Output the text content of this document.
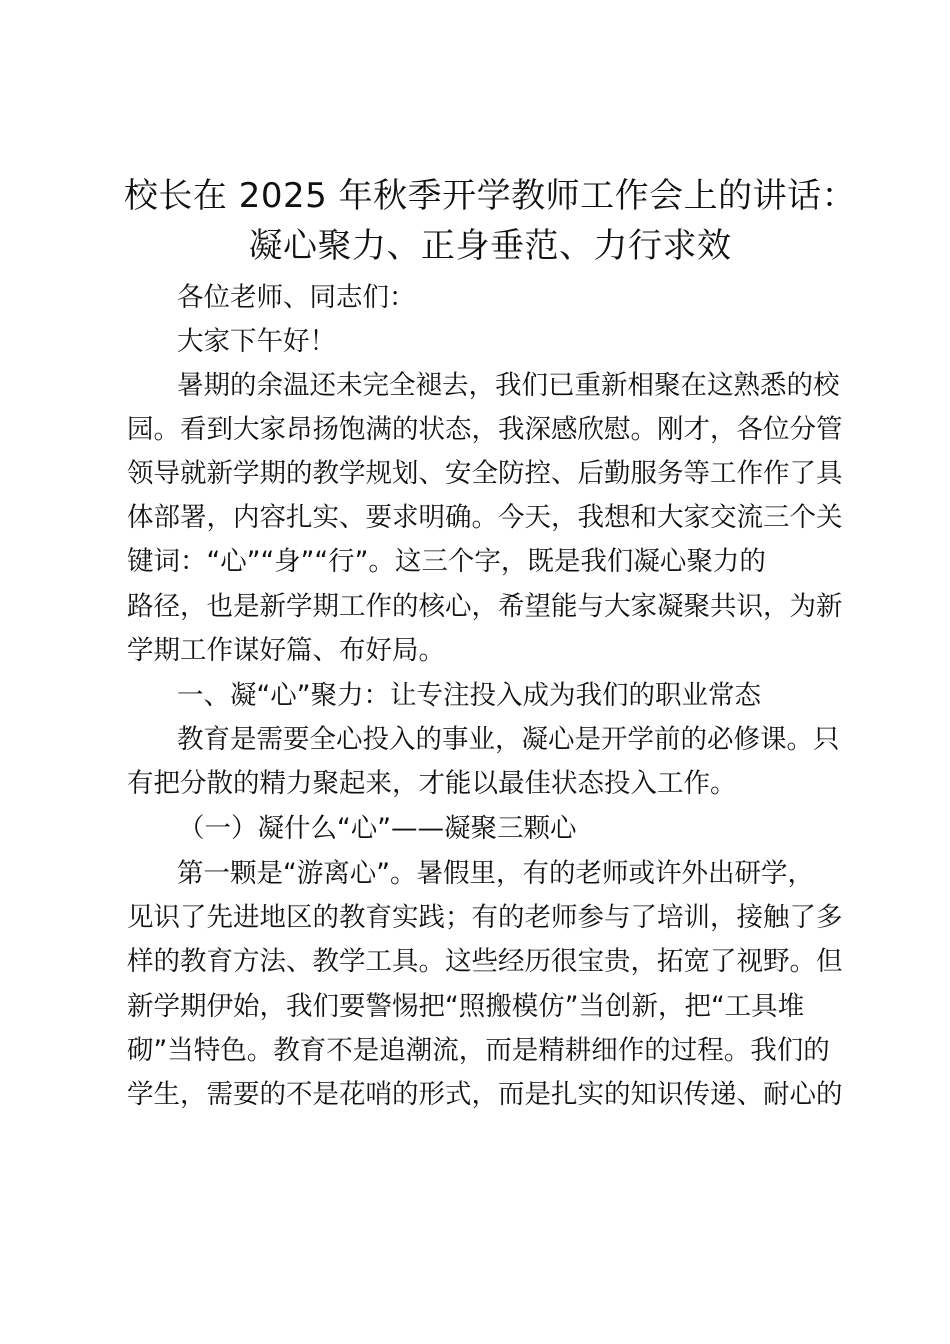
校长在 2025 年秋季开学教师工作会上的讲话：
凝心聚力、正身垂范、力行求效

各位老师、同志们：

大家下午好！

暑期的余温还未完全褪去，我们已重新相聚在这熟悉的校

园。看到大家昂扬饱满的状态，我深感欣慰。刚才，各位分管

领导就新学期的教学规划、安全防控、后勤服务等工作作了具

体部署，内容扎实、要求明确。今天，我想和大家交流三个关

键词：“心”“身”“行”。这三个字，既是我们凝心聚力的

路径，也是新学期工作的核心，希望能与大家凝聚共识，为新

学期工作谋好篇、布好局。

一、凝“心”聚力：让专注投入成为我们的职业常态

教育是需要全心投入的事业，凝心是开学前的必修课。只

有把分散的精力聚起来，才能以最佳状态投入工作。

（一）凝什么“心”——凝聚三颗心

第一颗是“游离心”。暑假里，有的老师或许外出研学，

见识了先进地区的教育实践；有的老师参与了培训，接触了多

样的教育方法、教学工具。这些经历很宝贵，拓宽了视野。但

新学期伊始，我们要警惕把“照搬模仿”当创新，把“工具堆

砌”当特色。教育不是追潮流，而是精耕细作的过程。我们的

学生，需要的不是花哨的形式，而是扎实的知识传递、耐心的
